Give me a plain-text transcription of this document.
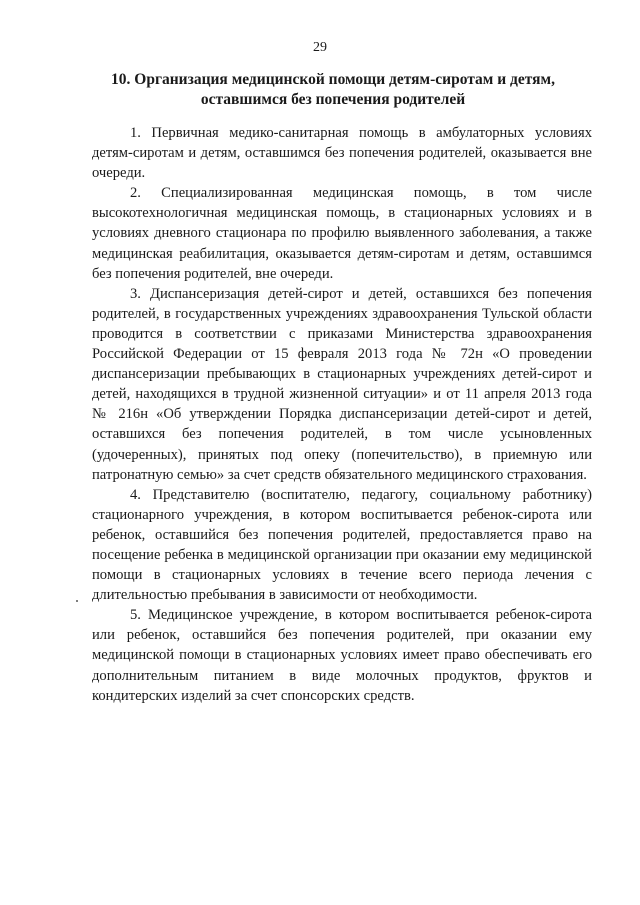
29
10. Организация медицинской помощи детям-сиротам и детям,
оставшимся без попечения родителей

1. Первичная медико-санитарная помощь в амбулаторных условиях детям-сиротам и детям, оставшимся без попечения родителей, оказывается вне очереди.

2. Специализированная медицинская помощь, в том числе высокотехнологичная медицинская помощь, в стационарных условиях и в условиях дневного стационара по профилю выявленного заболевания, а также медицинская реабилитация, оказывается детям-сиротам и детям, оставшимся без попечения родителей, вне очереди.

3. Диспансеризация детей-сирот и детей, оставшихся без попечения родителей, в государственных учреждениях здравоохранения Тульской области проводится в соответствии с приказами Министерства здравоохранения Российской Федерации от 15 февраля 2013 года № 72н «О проведении диспансеризации пребывающих в стационарных учреждениях детей-сирот и детей, находящихся в трудной жизненной ситуации» и от 11 апреля 2013 года № 216н «Об утверждении Порядка диспансеризации детей-сирот и детей, оставшихся без попечения родителей, в том числе усыновленных (удочеренных), принятых под опеку (попечительство), в приемную или патронатную семью» за счет средств обязательного медицинского страхования.

4. Представителю (воспитателю, педагогу, социальному работнику) стационарного учреждения, в котором воспитывается ребенок-сирота или ребенок, оставшийся без попечения родителей, предоставляется право на посещение ребенка в медицинской организации при оказании ему медицинской помощи в стационарных условиях в течение всего периода лечения с длительностью пребывания в зависимости от необходимости.

5. Медицинское учреждение, в котором воспитывается ребенок-сирота или ребенок, оставшийся без попечения родителей, при оказании ему медицинской помощи в стационарных условиях имеет право обеспечивать его дополнительным питанием в виде молочных продуктов, фруктов и кондитерских изделий за счет спонсорских средств.
